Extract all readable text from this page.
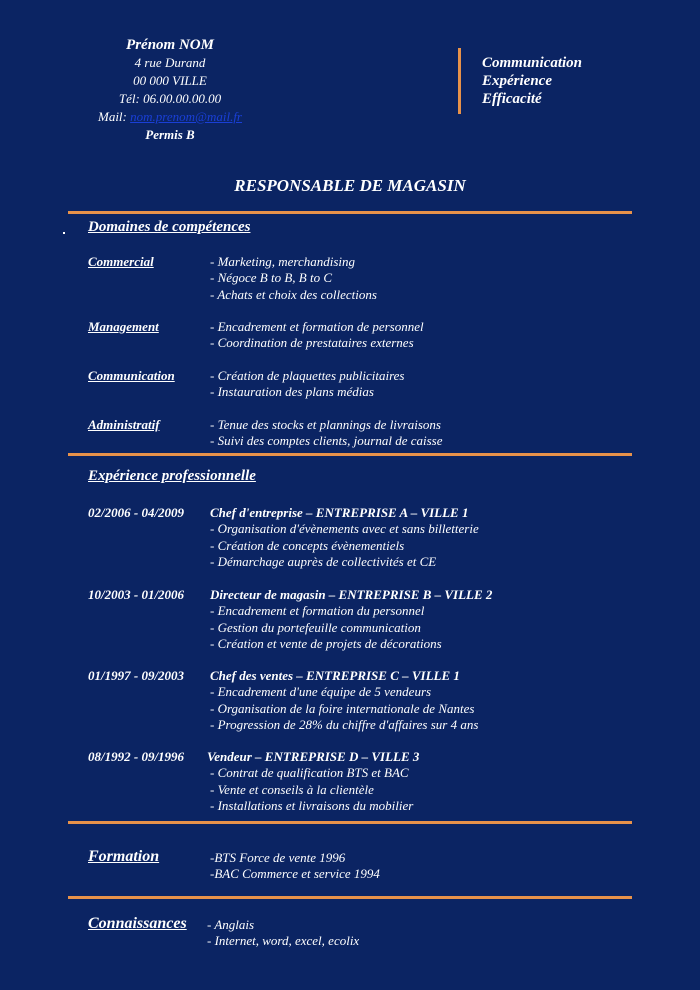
Prénom NOM
4 rue Durand
00 000 VILLE
Tél: 06.00.00.00.00
Mail: nom.prenom@mail.fr
Permis B
Communication
Expérience
Efficacité
RESPONSABLE DE MAGASIN
Domaines de compétences
Commercial	- Marketing, merchandising
- Négoce B to B, B to C
- Achats et choix des collections
Management	- Encadrement et formation de personnel
- Coordination de prestataires externes
Communication	- Création de plaquettes publicitaires
- Instauration des plans médias
Administratif	- Tenue des stocks et plannings de livraisons
- Suivi des comptes clients, journal de caisse
Expérience professionnelle
02/2006 - 04/2009 Chef d'entreprise – ENTREPRISE A – VILLE 1
- Organisation d'évènements avec et sans billetterie
- Création de concepts évènementiels
- Démarchage auprès de collectivités et CE
10/2003 - 01/2006 Directeur de magasin – ENTREPRISE B – VILLE 2
- Encadrement et formation du personnel
- Gestion du portefeuille communication
- Création et vente de projets de décorations
01/1997 - 09/2003 Chef des ventes – ENTREPRISE C – VILLE 1
- Encadrement d'une équipe de 5 vendeurs
- Organisation de la foire internationale de Nantes
- Progression de 28% du chiffre d'affaires sur 4 ans
08/1992 - 09/1996 Vendeur – ENTREPRISE D – VILLE 3
- Contrat de qualification BTS et BAC
- Vente et conseils à la clientèle
- Installations et livraisons du mobilier
Formation	-BTS Force de vente 1996
-BAC Commerce et service 1994
Connaissances - Anglais
- Internet, word, excel, ecolix
